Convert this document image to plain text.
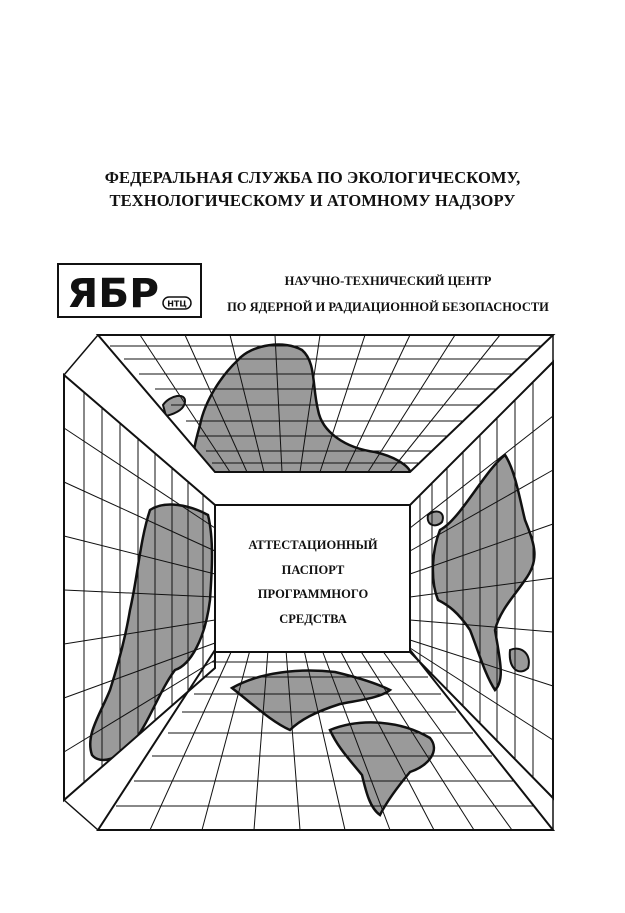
ФЕДЕРАЛЬНАЯ СЛУЖБА ПО ЭКОЛОГИЧЕСКОМУ,
ТЕХНОЛОГИЧЕСКОМУ И АТОМНОМУ НАДЗОРУ
ЯБР НТЦ
НАУЧНО-ТЕХНИЧЕСКИЙ ЦЕНТР
ПО ЯДЕРНОЙ И РАДИАЦИОННОЙ БЕЗОПАСНОСТИ
АТТЕСТАЦИОННЫЙ
ПАСПОРТ
ПРОГРАММНОГО
СРЕДСТВА
